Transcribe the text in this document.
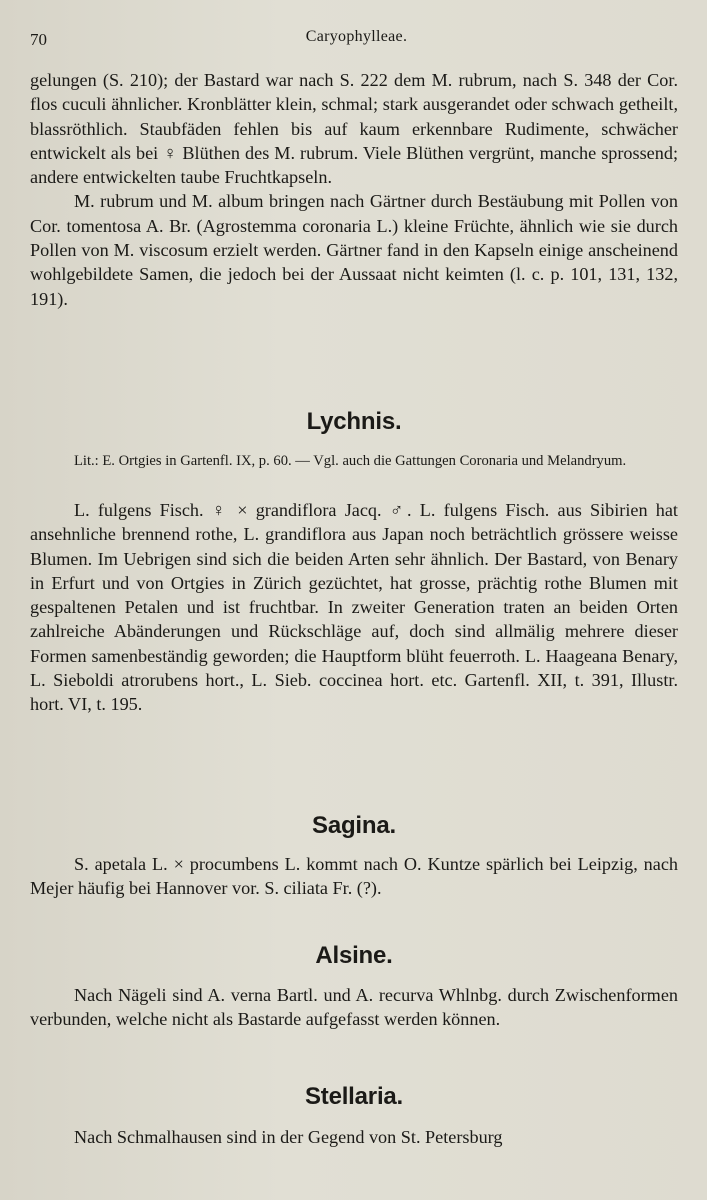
70	Caryophylleae.

gelungen (S. 210); der Bastard war nach S. 222 dem M. rubrum, nach S. 348 der Cor. flos cuculi ähnlicher. Kronblätter klein, schmal; stark ausgerandet oder schwach getheilt, blassröthlich. Staubfäden fehlen bis auf kaum erkennbare Rudimente, schwächer entwickelt als bei ♀ Blüthen des M. rubrum. Viele Blüthen vergrünt, manche sprossend; andere entwickelten taube Fruchtkapseln.

M. rubrum und M. album bringen nach Gärtner durch Bestäubung mit Pollen von Cor. tomentosa A. Br. (Agrostemma coronaria L.) kleine Früchte, ähnlich wie sie durch Pollen von M. viscosum erzielt werden. Gärtner fand in den Kapseln einige anscheinend wohlgebildete Samen, die jedoch bei der Aussaat nicht keimten (l. c. p. 101, 131, 132, 191).

Lychnis.
Lit.: E. Ortgies in Gartenfl. IX, p. 60. — Vgl. auch die Gattungen Coronaria und Melandryum.

L. fulgens Fisch. ♀ × grandiflora Jacq. ♂. L. fulgens Fisch. aus Sibirien hat ansehnliche brennend rothe, L. grandiflora aus Japan noch beträchtlich grössere weisse Blumen. Im Uebrigen sind sich die beiden Arten sehr ähnlich. Der Bastard, von Benary in Erfurt und von Ortgies in Zürich gezüchtet, hat grosse, prächtig rothe Blumen mit gespaltenen Petalen und ist fruchtbar. In zweiter Generation traten an beiden Orten zahlreiche Abänderungen und Rückschläge auf, doch sind allmälig mehrere dieser Formen samenbeständig geworden; die Hauptform blüht feuerroth. L. Haageana Benary, L. Sieboldi atrorubens hort., L. Sieb. coccinea hort. etc. Gartenfl. XII, t. 391, Illustr. hort. VI, t. 195.

Sagina.

S. apetala L. × procumbens L. kommt nach O. Kuntze spärlich bei Leipzig, nach Mejer häufig bei Hannover vor. S. ciliata Fr. (?).

Alsine.

Nach Nägeli sind A. verna Bartl. und A. recurva Whlnbg. durch Zwischenformen verbunden, welche nicht als Bastarde aufgefasst werden können.

Stellaria.

Nach Schmalhausen sind in der Gegend von St. Petersburg
